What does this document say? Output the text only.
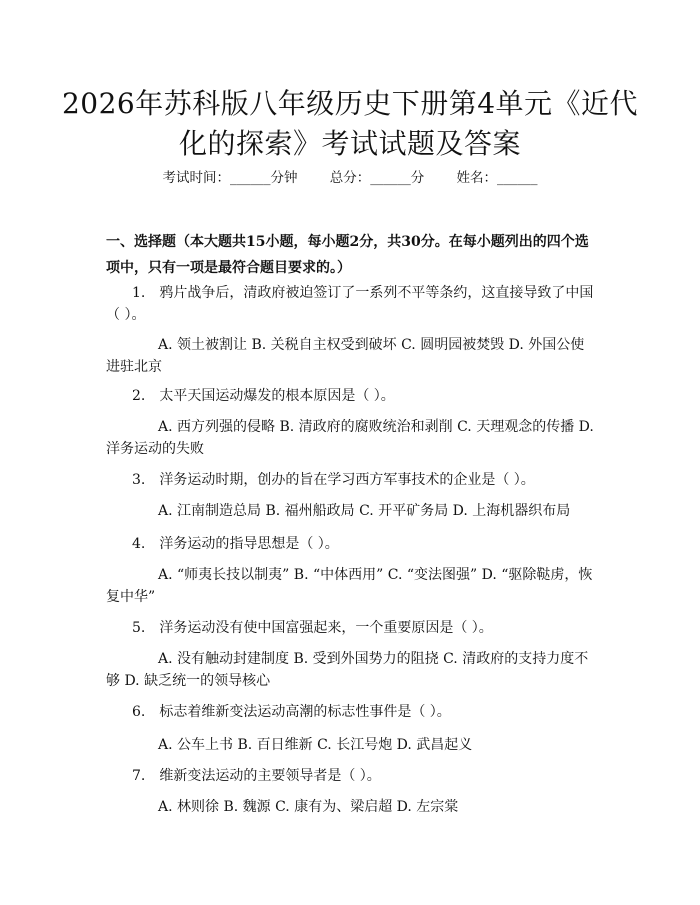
2026年苏科版八年级历史下册第4单元《近代化的探索》考试试题及答案
考试时间：______分钟 总分：______分 姓名：______

一、选择题（本大题共15小题，每小题2分，共30分。在每小题列出的四个选项中，只有一项是最符合题目要求的。）

1.　鸦片战争后，清政府被迫签订了一系列不平等条约，这直接导致了中国（ ）。

A. 领土被割让 B. 关税自主权受到破坏 C. 圆明园被焚毁 D. 外国公使进驻北京

2.　太平天国运动爆发的根本原因是（ ）。

A. 西方列强的侵略 B. 清政府的腐败统治和剥削 C. 天理观念的传播 D. 洋务运动的失败

3.　洋务运动时期，创办的旨在学习西方军事技术的企业是（ ）。

A. 江南制造总局 B. 福州船政局 C. 开平矿务局 D. 上海机器织布局

4.　洋务运动的指导思想是（ ）。

A. “师夷长技以制夷” B. “中体西用” C. “变法图强” D. “驱除鞑虏，恢复中华”

5.　洋务运动没有使中国富强起来，一个重要原因是（ ）。

A. 没有触动封建制度 B. 受到外国势力的阻挠 C. 清政府的支持力度不够 D. 缺乏统一的领导核心

6.　标志着维新变法运动高潮的标志性事件是（ ）。

A. 公车上书 B. 百日维新 C. 长江号炮 D. 武昌起义

7.　维新变法运动的主要领导者是（ ）。

A. 林则徐 B. 魏源 C. 康有为、梁启超 D. 左宗棠
